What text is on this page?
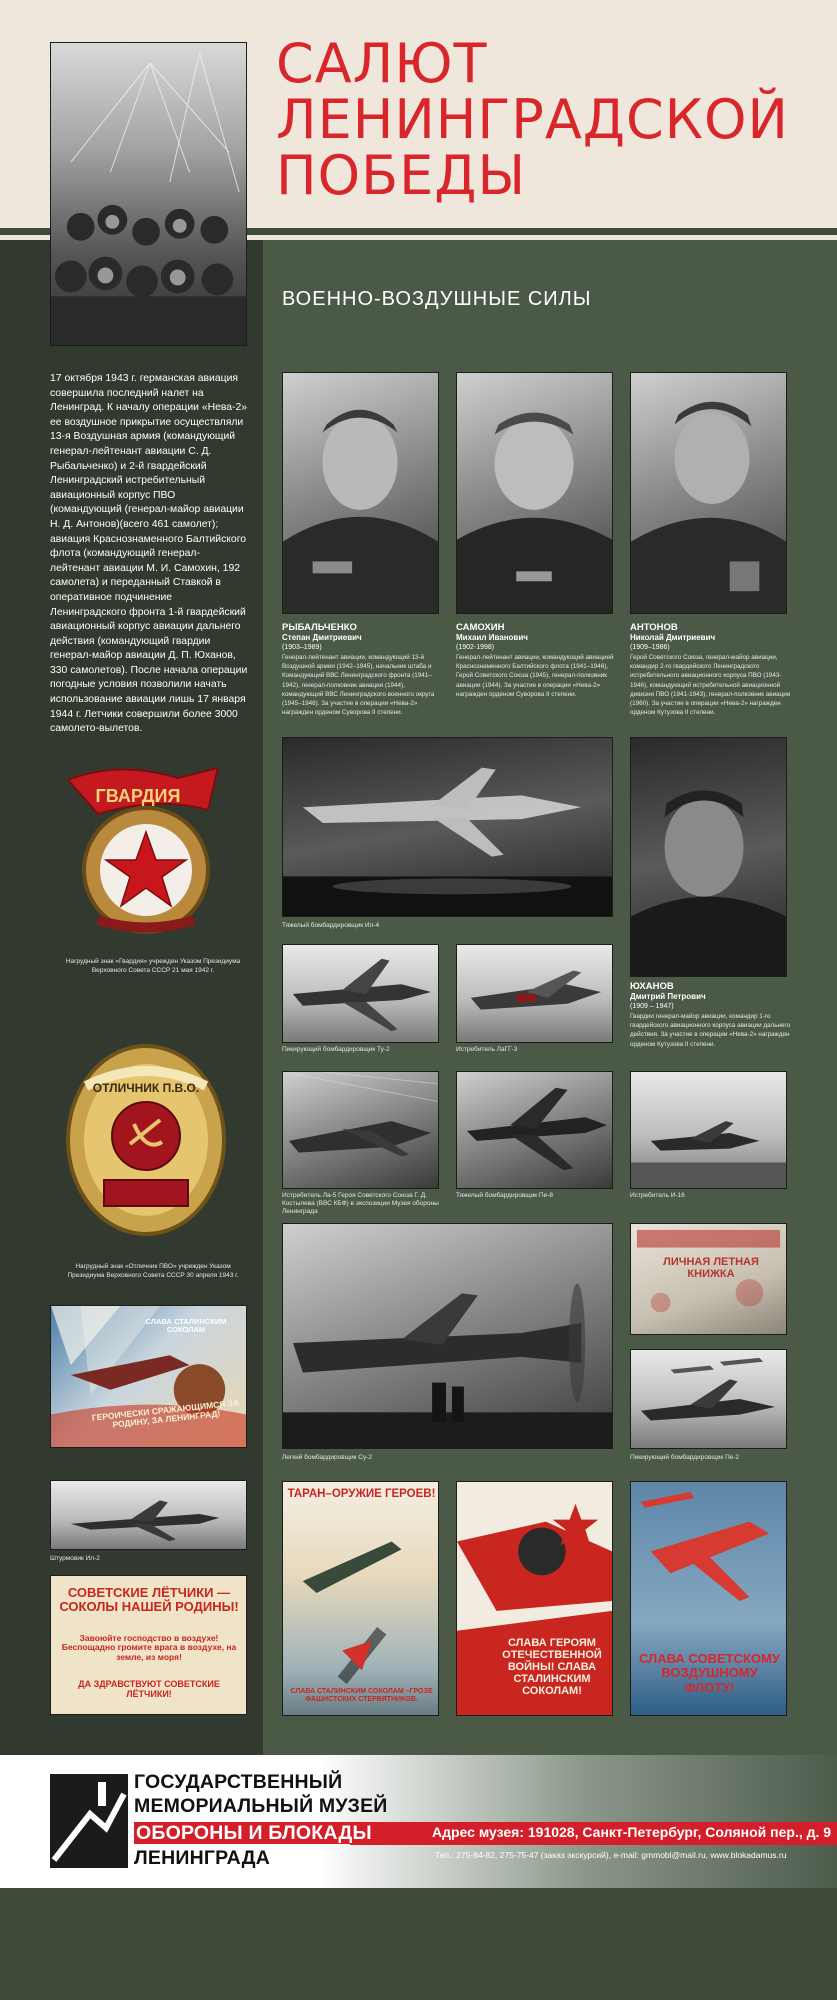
САЛЮТ
ЛЕНИНГРАДСКОЙ
ПОБЕДЫ
ВОЕННО-ВОЗДУШНЫЕ СИЛЫ

17 октября 1943 г. германская авиация совершила последний налет на Ленинград. К началу операции «Нева-2» ее воздушное прикрытие осуществляли 13-я Воздушная армия (командующий генерал-лейтенант авиации С. Д. Рыбальченко) и 2-й гвардейский Ленинградский истребительный авиационный корпус ПВО (командующий (генерал-майор авиации Н. Д. Антонов)(всего 461 самолет); авиация Краснознаменного Балтийского флота (командующий генерал-лейтенант авиации М. И. Самохин, 192 самолета) и переданный Ставкой в оперативное подчинение Ленинградского фронта 1-й гвардейский авиационный корпус авиации дальнего действия (командующий гвардии генерал-майор авиации Д. П. Юханов, 330 самолетов). После начала операции погодные условия позволили начать использование авиации лишь 17 января 1944 г. Летчики совершили более 3000 самолето-вылетов.

ГВАРДИЯ
Нагрудный знак «Гвардия» учрежден Указом Президиума Верховного Совета СССР 21 мая 1942 г.
ОТЛИЧНИК П.В.О.
Нагрудный знак «Отличник ПВО» учрежден Указом Президиума Верховного Совета СССР 30 апреля 1943 г.
СЛАВА СТАЛИНСКИМ СОКОЛАМ
ГЕРОИЧЕСКИ СРАЖАЮЩИМСЯ ЗА РОДИНУ, ЗА ЛЕНИНГРАД!
Штурмовик Ил-2
СОВЕТСКИЕ ЛЁТЧИКИ — СОКОЛЫ НАШЕЙ РОДИНЫ!
Завоюйте господство в воздухе! Беспощадно громите врага в воздухе, на земле, из моря!
ДА ЗДРАВСТВУЮТ СОВЕТСКИЕ ЛЁТЧИКИ!
РЫБАЛЬЧЕНКО
Степан Дмитриевич
(1903–1989)
Генерал-лейтенант авиации, командующий 13-й Воздушной армии (1942–1945), начальник штаба и Командующий ВВС Ленинградского фронта (1941–1942), генерал-полковник авиации (1944), командующий ВВС Ленинградского военного округа (1945–1946). За участие в операции «Нева-2» награжден орденом Суворова II степени.
САМОХИН
Михаил Иванович
(1902-1998)
Генерал-лейтенант авиации, командующий авиацией Краснознаменного Балтийского флота (1941–1946), Герой Советского Союза (1945), генерал-полковник авиации (1944). За участие в операции «Нева-2» награжден орденом Суворова II степени.
АНТОНОВ
Николай Дмитриевич
(1909–1986)
Герой Советского Союза, генерал-майор авиации, командир 2-го гвардейского Ленинградского истребительного авиационного корпуса ПВО (1943-1946), командующий истребительной авиационной дивизии ПВО (1941-1943), генерал-полковник авиации (1960). За участие в операции «Нева-2» награжден орденом Кутузова II степени.
Тяжелый бомбардировщик Ил-4
ЮХАНОВ
Дмитрий Петрович
(1909 – 1947)
Гвардии генерал-майор авиации, командир 1-го гвардейского авиационного корпуса авиации дальнего действия. За участие в операции «Нева-2» награжден орденом Кутузова II степени.
Пикирующий бомбардировщик Ту-2	Истребитель ЛаГГ-3
Истребитель Ла-5 Героя Советского Союза Г. Д. Костылева (ВВС КБФ) в экспозиции Музея обороны Ленинграда
Тяжелый бомбардировщик Пе-8	Истребитель И-16
Легкий бомбардировщик Су-2
ЛИЧНАЯ ЛЕТНАЯ КНИЖКА
Пикирующий бомбардировщик Пе-2
ТАРАН–ОРУЖИЕ ГЕРОЕВ!
СЛАВА СТАЛИНСКИМ СОКОЛАМ –ГРОЗЕ ФАШИСТСКИХ СТЕРВЯТНИКОВ.
СЛАВА ГЕРОЯМ ОТЕЧЕСТВЕННОЙ ВОЙНЫ! СЛАВА СТАЛИНСКИМ СОКОЛАМ!
СЛАВА СОВЕТСКОМУ ВОЗДУШНОМУ ФЛОТУ!
ГОСУДАРСТВЕННЫЙ
МЕМОРИАЛЬНЫЙ МУЗЕЙ
ОБОРОНЫ И БЛОКАДЫ
ЛЕНИНГРАДА
Адрес музея: 191028, Санкт-Петербург, Соляной пер., д. 9
Тел.: 275-84-82, 275-75-47 (заказ экскурсий), e-mail: gmmobl@mail.ru, www.blokadamus.ru
